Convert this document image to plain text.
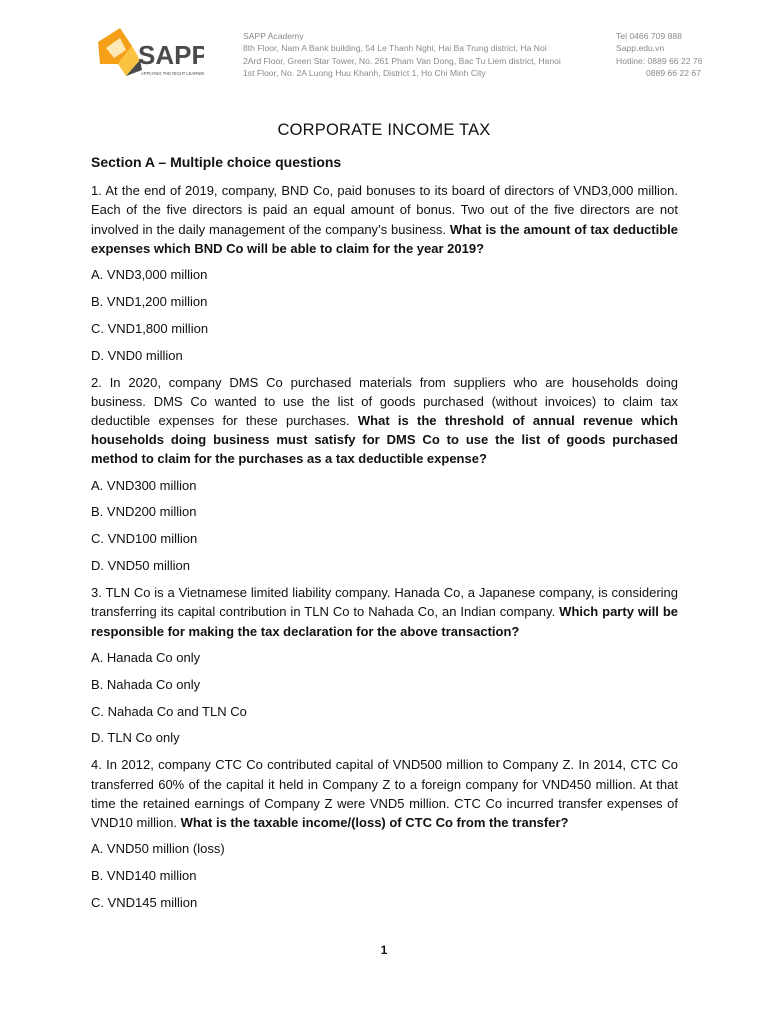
SAPP
APPLYING THE RIGHT LEARNING
SAPP Academy
8th Floor, Nam A Bank building, 54 Le Thanh Nghi, Hai Ba Trung district, Ha Noi
2Ard Floor, Green Star Tower, No. 261 Pham Van Dong, Bac Tu Liem district, Hanoi
1st Floor, No. 2A Luong Huu Khanh, District 1, Ho Chi Minh City
Tel 0466 709 888
Sapp.edu.vn
Hotline: 0889 66 22 76
0889 66 22 67
CORPORATE INCOME TAX
Section A – Multiple choice questions
1. At the end of 2019, company, BND Co, paid bonuses to its board of directors of VND3,000 million. Each of the five directors is paid an equal amount of bonus. Two out of the five directors are not involved in the daily management of the company’s business. What is the amount of tax deductible expenses which BND Co will be able to claim for the year 2019?
A. VND3,000 million
B. VND1,200 million
C. VND1,800 million
D. VND0 million
2. In 2020, company DMS Co purchased materials from suppliers who are households doing business. DMS Co wanted to use the list of goods purchased (without invoices) to claim tax deductible expenses for these purchases. What is the threshold of annual revenue which households doing business must satisfy for DMS Co to use the list of goods purchased method to claim for the purchases as a tax deductible expense?
A. VND300 million
B. VND200 million
C. VND100 million
D. VND50 million
3. TLN Co is a Vietnamese limited liability company. Hanada Co, a Japanese company, is considering transferring its capital contribution in TLN Co to Nahada Co, an Indian company. Which party will be responsible for making the tax declaration for the above transaction?
A. Hanada Co only
B. Nahada Co only
C. Nahada Co and TLN Co
D. TLN Co only
4. In 2012, company CTC Co contributed capital of VND500 million to Company Z. In 2014, CTC Co transferred 60% of the capital it held in Company Z to a foreign company for VND450 million. At that time the retained earnings of Company Z were VND5 million. CTC Co incurred transfer expenses of VND10 million. What is the taxable income/(loss) of CTC Co from the transfer?
A. VND50 million (loss)
B. VND140 million
C. VND145 million
1
